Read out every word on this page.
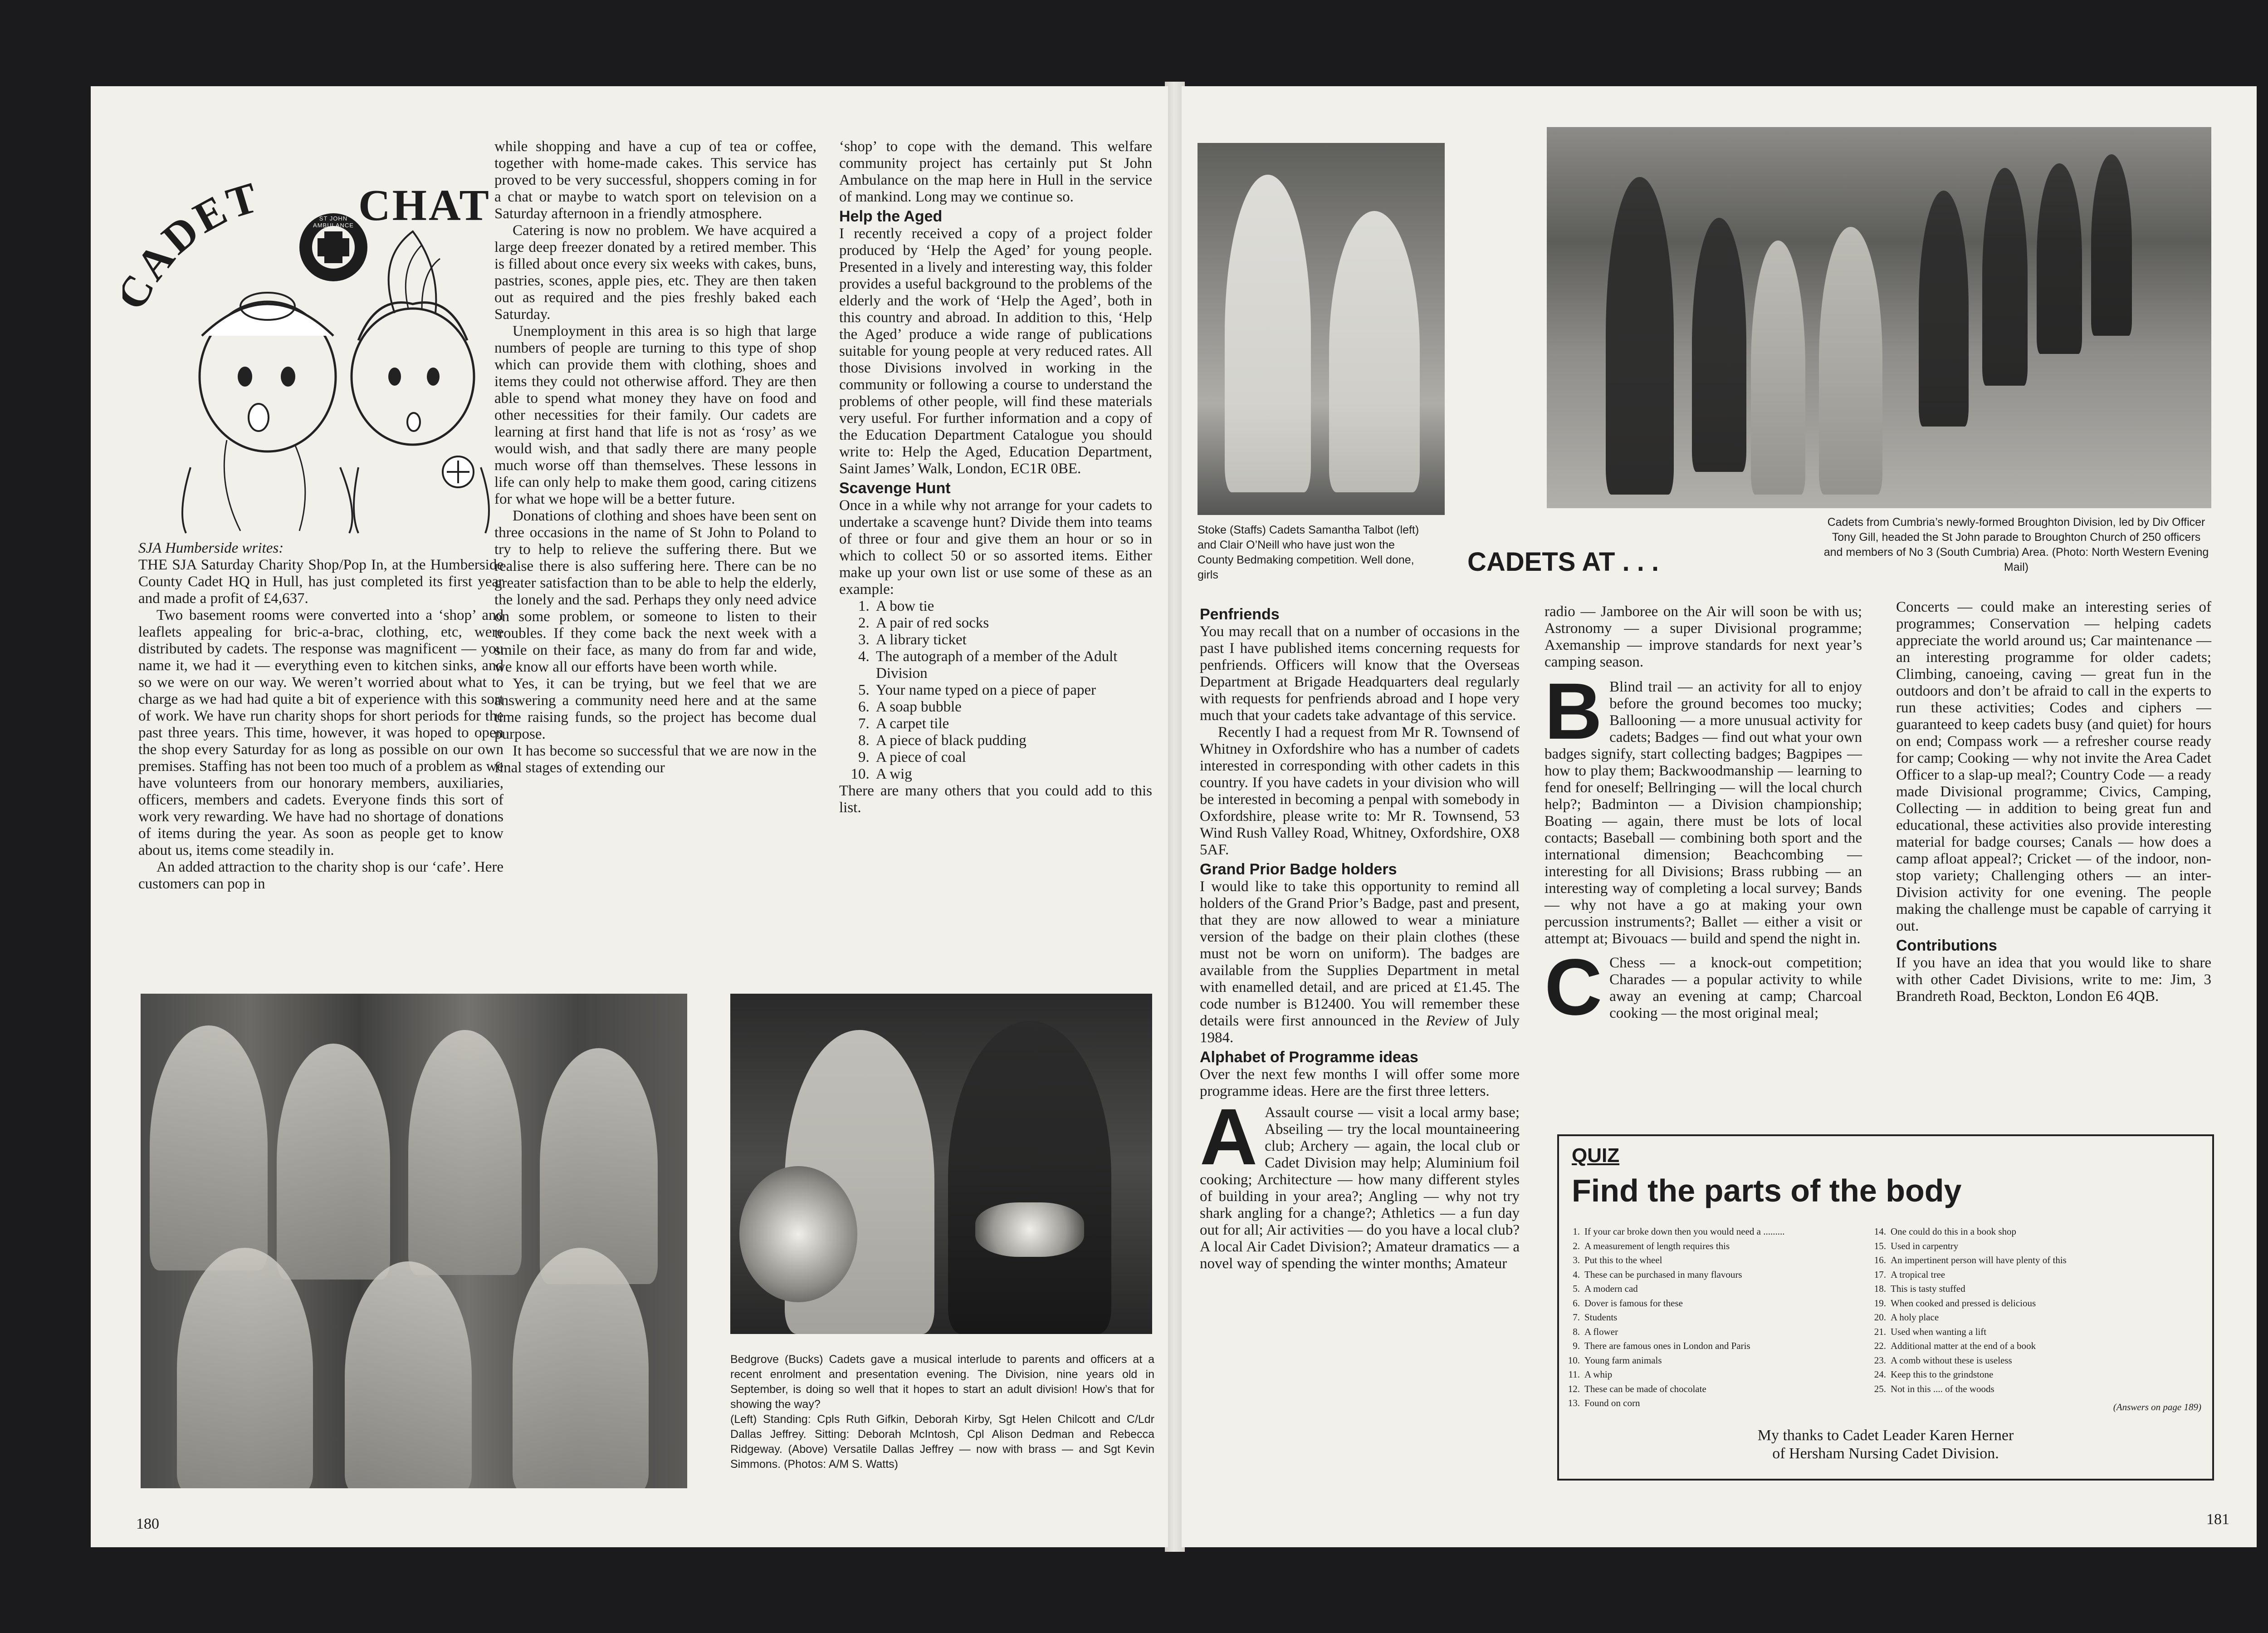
ADET CHAT
ST JOHN AMBULANCE

SJA Humberside writes:

THE SJA Saturday Charity Shop/Pop In, at the Humberside County Cadet HQ in Hull, has just completed its first year and made a profit of £4,637.

Two basement rooms were converted into a ‘shop’ and leaflets appealing for bric-a-brac, clothing, etc, were distributed by cadets. The response was magnificent — you name it, we had it — everything even to kitchen sinks, and so we were on our way. We weren’t worried about what to charge as we had had quite a bit of experience with this sort of work. We have run charity shops for short periods for the past three years. This time, however, it was hoped to open the shop every Saturday for as long as possible on our own premises. Staffing has not been too much of a problem as we have volunteers from our honorary members, auxiliaries, officers, members and cadets. Everyone finds this sort of work very rewarding. We have had no shortage of donations of items during the year. As soon as people get to know about us, items come steadily in.

An added attraction to the charity shop is our ‘cafe’. Here customers can pop in

while shopping and have a cup of tea or coffee, together with home-made cakes. This service has proved to be very successful, shoppers coming in for a chat or maybe to watch sport on television on a Saturday afternoon in a friendly atmosphere.

Catering is now no problem. We have acquired a large deep freezer donated by a retired member. This is filled about once every six weeks with cakes, buns, pastries, scones, apple pies, etc. They are then taken out as required and the pies freshly baked each Saturday.

Unemployment in this area is so high that large numbers of people are turning to this type of shop which can provide them with clothing, shoes and items they could not otherwise afford. They are then able to spend what money they have on food and other necessities for their family. Our cadets are learning at first hand that life is not as ‘rosy’ as we would wish, and that sadly there are many people much worse off than themselves. These lessons in life can only help to make them good, caring citizens for what we hope will be a better future.

Donations of clothing and shoes have been sent on three occasions in the name of St John to Poland to try to help to relieve the suffering there. But we realise there is also suffering here. There can be no greater satisfaction than to be able to help the elderly, the lonely and the sad. Perhaps they only need advice on some problem, or someone to listen to their troubles. If they come back the next week with a smile on their face, as many do from far and wide, we know all our efforts have been worth while.

Yes, it can be trying, but we feel that we are answering a community need here and at the same time raising funds, so the project has become dual purpose.

It has become so successful that we are now in the final stages of extending our

‘shop’ to cope with the demand. This welfare community project has certainly put St John Ambulance on the map here in Hull in the service of mankind. Long may we continue so.

Help the Aged

I recently received a copy of a project folder produced by ‘Help the Aged’ for young people. Presented in a lively and interesting way, this folder provides a useful background to the problems of the elderly and the work of ‘Help the Aged’, both in this country and abroad. In addition to this, ‘Help the Aged’ produce a wide range of publications suitable for young people at very reduced rates. All those Divisions involved in working in the community or following a course to understand the problems of other people, will find these materials very useful. For further information and a copy of the Education Department Catalogue you should write to: Help the Aged, Education Department, Saint James’ Walk, London, EC1R 0BE.

Scavenge Hunt

Once in a while why not arrange for your cadets to undertake a scavenge hunt? Divide them into teams of three or four and give them an hour or so in which to collect 50 or so assorted items. Either make up your own list or use some of these as an example:

1. A bow tie
2. A pair of red socks
3. A library ticket
4. The autograph of a member of the Adult Division
5. Your name typed on a piece of paper
6. A soap bubble
7. A carpet tile
8. A piece of black pudding
9. A piece of coal
10. A wig

There are many others that you could add to this list.

Bedgrove (Bucks) Cadets gave a musical interlude to parents and officers at a recent enrolment and presentation evening. The Division, nine years old in September, is doing so well that it hopes to start an adult division! How’s that for showing the way?
(Left) Standing: Cpls Ruth Gifkin, Deborah Kirby, Sgt Helen Chilcott and C/Ldr Dallas Jeffrey. Sitting: Deborah McIntosh, Cpl Alison Dedman and Rebecca Ridgeway. (Above) Versatile Dallas Jeffrey — now with brass — and Sgt Kevin Simmons. (Photos: A/M S. Watts)
180
Stoke (Staffs) Cadets Samantha Talbot (left) and Clair O’Neill who have just won the County Bedmaking competition. Well done, girls
Cadets from Cumbria’s newly-formed Broughton Division, led by Div Officer Tony Gill, headed the St John parade to Broughton Church of 250 officers and members of No 3 (South Cumbria) Area. (Photo: North Western Evening Mail)
CADETS AT . . .
Penfriends

You may recall that on a number of occasions in the past I have published items concerning requests for penfriends. Officers will know that the Overseas Department at Brigade Headquarters deal regularly with requests for penfriends abroad and I hope very much that your cadets take advantage of this service.

Recently I had a request from Mr R. Townsend of Whitney in Oxfordshire who has a number of cadets interested in corresponding with other cadets in this country. If you have cadets in your division who will be interested in becoming a penpal with somebody in Oxfordshire, please write to: Mr R. Townsend, 53 Wind Rush Valley Road, Whitney, Oxfordshire, OX8 5AF.

Grand Prior Badge holders

I would like to take this opportunity to remind all holders of the Grand Prior’s Badge, past and present, that they are now allowed to wear a miniature version of the badge on their plain clothes (these must not be worn on uniform). The badges are available from the Supplies Department in metal with enamelled detail, and are priced at £1.45. The code number is B12400. You will remember these details were first announced in the Review of July 1984.

Alphabet of Programme ideas

Over the next few months I will offer some more programme ideas. Here are the first three letters.

A Assault course — visit a local army base; Abseiling — try the local mountaineering club; Archery — again, the local club or Cadet Division may help; Aluminium foil cooking; Architecture — how many different styles of building in your area?; Angling — why not try shark angling for a change?; Athletics — a fun day out for all; Air activities — do you have a local club? A local Air Cadet Division?; Amateur dramatics — a novel way of spending the winter months; Amateur

radio — Jamboree on the Air will soon be with us; Astronomy — a super Divisional programme; Axemanship — improve standards for next year’s camping season.

B Blind trail — an activity for all to enjoy before the ground becomes too mucky; Ballooning — a more unusual activity for cadets; Badges — find out what your own badges signify, start collecting badges; Bagpipes — how to play them; Backwoodmanship — learning to fend for oneself; Bellringing — will the local church help?; Badminton — a Division championship; Boating — again, there must be lots of local contacts; Baseball — combining both sport and the international dimension; Beachcombing — interesting for all Divisions; Brass rubbing — an interesting way of completing a local survey; Bands — why not have a go at making your own percussion instruments?; Ballet — either a visit or attempt at; Bivouacs — build and spend the night in.

C Chess — a knock-out competition; Charades — a popular activity to while away an evening at camp; Charcoal cooking — the most original meal;

Concerts — could make an interesting series of programmes; Conservation — helping cadets appreciate the world around us; Car maintenance — an interesting programme for older cadets; Climbing, canoeing, caving — great fun in the outdoors and don’t be afraid to call in the experts to run these activities; Codes and ciphers — guaranteed to keep cadets busy (and quiet) for hours on end; Compass work — a refresher course ready for camp; Cooking — why not invite the Area Cadet Officer to a slap-up meal?; Country Code — a ready made Divisional programme; Civics, Camping, Collecting — in addition to being great fun and educational, these activities also provide interesting material for badge courses; Canals — how does a camp afloat appeal?; Cricket — of the indoor, non-stop variety; Challenging others — an inter-Division activity for one evening. The people making the challenge must be capable of carrying it out.

Contributions

If you have an idea that you would like to share with other Cadet Divisions, write to me: Jim, 3 Brandreth Road, Beckton, London E6 4QB.

QUIZ
Find the parts of the body
1. If your car broke down then you would need a .........
2. A measurement of length requires this
3. Put this to the wheel
4. These can be purchased in many flavours
5. A modern cad
6. Dover is famous for these
7. Students
8. A flower
9. There are famous ones in London and Paris
10. Young farm animals
11. A whip
12. These can be made of chocolate
13. Found on corn
14. One could do this in a book shop
15. Used in carpentry
16. An impertinent person will have plenty of this
17. A tropical tree
18. This is tasty stuffed
19. When cooked and pressed is delicious
20. A holy place
21. Used when wanting a lift
22. Additional matter at the end of a book
23. A comb without these is useless
24. Keep this to the grindstone
25. Not in this .... of the woods
(Answers on page 189)
My thanks to Cadet Leader Karen Herner
of Hersham Nursing Cadet Division.
181
